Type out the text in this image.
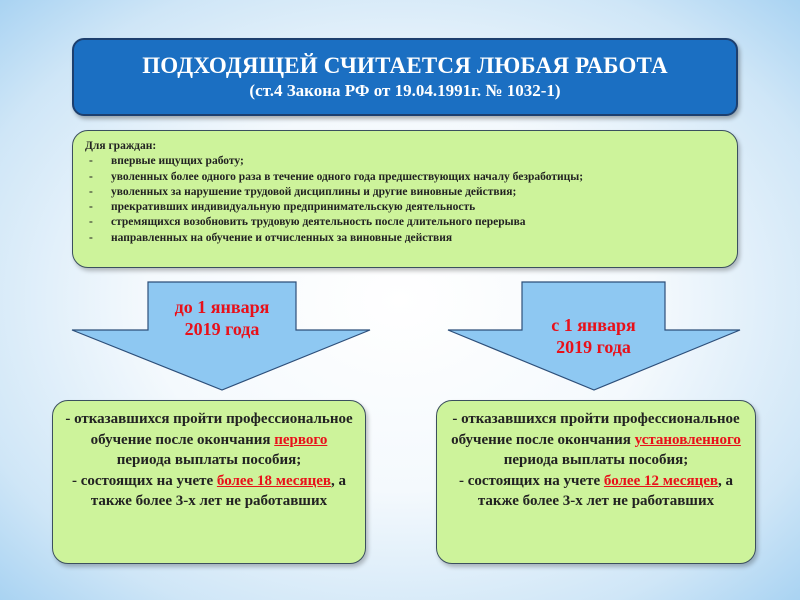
ПОДХОДЯЩЕЙ СЧИТАЕТСЯ ЛЮБАЯ РАБОТА
(ст.4 Закона РФ от 19.04.1991г. № 1032-1)
Для граждан:
-	впервые ищущих работу;
-	уволенных более одного раза в течение одного года предшествующих началу безработицы;
-	уволенных за нарушение трудовой дисциплины и другие виновные действия;
-	прекративших индивидуальную предпринимательскую деятельность
-	стремящихся возобновить трудовую деятельность после длительного перерыва
-	направленных на обучение и отчисленных за виновные действия
до 1 января
2019 года	с 1 января
2019 года
- отказавшихся пройти профессиональное обучение после окончания первого периода выплаты пособия;
- состоящих на учете более 18 месяцев, а также более 3-х лет не работавших
- отказавшихся пройти профессиональное обучение после окончания установленного периода выплаты пособия;
- состоящих на учете более 12 месяцев, а также более 3-х лет не работавших
